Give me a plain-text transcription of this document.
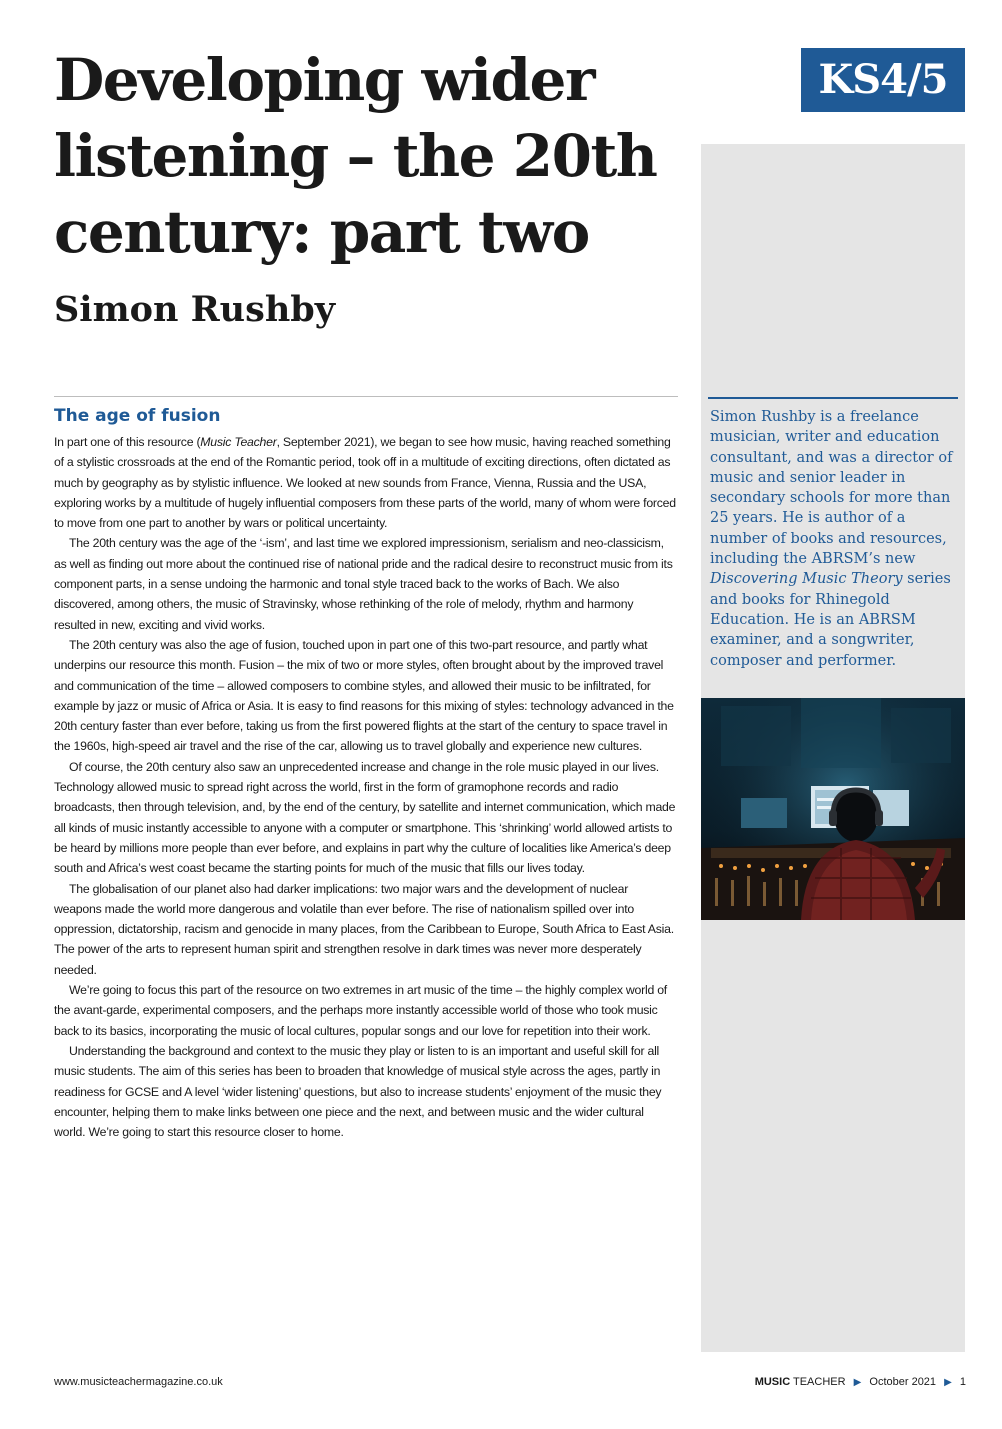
Developing wider listening – the 20th century: part two
Simon Rushby
KS4/5
Simon Rushby is a freelance musician, writer and education consultant, and was a director of music and senior leader in secondary schools for more than 25 years. He is author of a number of books and resources, including the ABRSM’s new Discovering Music Theory series and books for Rhinegold Education. He is an ABRSM examiner, and a songwriter, composer and performer.
The age of fusion

In part one of this resource (Music Teacher, September 2021), we began to see how music, having reached something of a stylistic crossroads at the end of the Romantic period, took off in a multitude of exciting directions, often dictated as much by geography as by stylistic influence. We looked at new sounds from France, Vienna, Russia and the USA, exploring works by a multitude of hugely influential composers from these parts of the world, many of whom were forced to move from one part to another by wars or political uncertainty.

The 20th century was the age of the ‘-ism’, and last time we explored impressionism, serialism and neo-classicism, as well as finding out more about the continued rise of national pride and the radical desire to reconstruct music from its component parts, in a sense undoing the harmonic and tonal style traced back to the works of Bach. We also discovered, among others, the music of Stravinsky, whose rethinking of the role of melody, rhythm and harmony resulted in new, exciting and vivid works.

The 20th century was also the age of fusion, touched upon in part one of this two-part resource, and partly what underpins our resource this month. Fusion – the mix of two or more styles, often brought about by the improved travel and communication of the time – allowed composers to combine styles, and allowed their music to be infiltrated, for example by jazz or music of Africa or Asia. It is easy to find reasons for this mixing of styles: technology advanced in the 20th century faster than ever before, taking us from the first powered flights at the start of the century to space travel in the 1960s, high-speed air travel and the rise of the car, allowing us to travel globally and experience new cultures.

Of course, the 20th century also saw an unprecedented increase and change in the role music played in our lives. Technology allowed music to spread right across the world, first in the form of gramophone records and radio broadcasts, then through television, and, by the end of the century, by satellite and internet communication, which made all kinds of music instantly accessible to anyone with a computer or smartphone. This ‘shrinking’ world allowed artists to be heard by millions more people than ever before, and explains in part why the culture of localities like America’s deep south and Africa’s west coast became the starting points for much of the music that fills our lives today.

The globalisation of our planet also had darker implications: two major wars and the development of nuclear weapons made the world more dangerous and volatile than ever before. The rise of nationalism spilled over into oppression, dictatorship, racism and genocide in many places, from the Caribbean to Europe, South Africa to East Asia. The power of the arts to represent human spirit and strengthen resolve in dark times was never more desperately needed.

We’re going to focus this part of the resource on two extremes in art music of the time – the highly complex world of the avant-garde, experimental composers, and the perhaps more instantly accessible world of those who took music back to its basics, incorporating the music of local cultures, popular songs and our love for repetition into their work.

Understanding the background and context to the music they play or listen to is an important and useful skill for all music students. The aim of this series has been to broaden that knowledge of musical style across the ages, partly in readiness for GCSE and A level ‘wider listening’ questions, but also to increase students’ enjoyment of the music they encounter, helping them to make links between one piece and the next, and between music and the wider cultural world. We’re going to start this resource closer to home.

www.musicteachermagazine.co.uk	MUSIC TEACHER ▶ October 2021 ▶ 1
